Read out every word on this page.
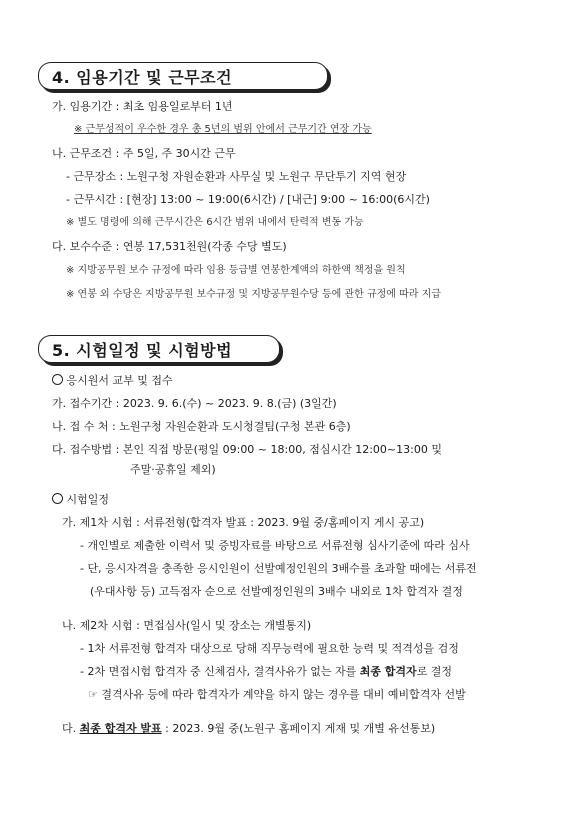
4. 임용기간 및 근무조건
가. 임용기간 : 최초 임용일로부터 1년
※ 근무성적이 우수한 경우 총 5년의 범위 안에서 근무기간 연장 가능
나. 근무조건 : 주 5일, 주 30시간 근무
- 근무장소 : 노원구청 자원순환과 사무실 및 노원구 무단투기 지역 현장
- 근무시간 : [현장] 13:00 ~ 19:00(6시간) / [내근] 9:00 ~ 16:00(6시간)
※ 별도 명령에 의해 근무시간은 6시간 범위 내에서 탄력적 변동 가능
다. 보수수준 : 연봉 17,531천원(각종 수당 별도)
※ 지방공무원 보수 규정에 따라 임용 등급별 연봉한계액의 하한액 책정을 원칙
※ 연봉 외 수당은 지방공무원 보수규정 및 지방공무원수당 등에 관한 규정에 따라 지급
5. 시험일정 및 시험방법
응시원서 교부 및 접수
가. 접수기간 : 2023. 9. 6.(수) ~ 2023. 9. 8.(금) (3일간)
나. 접 수 처 : 노원구청 자원순환과 도시청결팀(구청 본관 6층)
다. 접수방법 : 본인 직접 방문(평일 09:00 ~ 18:00, 점심시간 12:00~13:00 및
주말·공휴일 제외)
시험일정
가. 제1차 시험 : 서류전형(합격자 발표 : 2023. 9월 중/홈페이지 게시 공고)
- 개인별로 제출한 이력서 및 증빙자료를 바탕으로 서류전형 심사기준에 따라 심사
- 단, 응시자격을 충족한 응시인원이 선발예정인원의 3배수를 초과할 때에는 서류전
(우대사항 등) 고득점자 순으로 선발예정인원의 3배수 내외로 1차 합격자 결정
나. 제2차 시험 : 면접심사(일시 및 장소는 개별통지)
- 1차 서류전형 합격자 대상으로 당해 직무능력에 필요한 능력 및 적격성을 검정
- 2차 면접시험 합격자 중 신체검사, 결격사유가 없는 자를 최종 합격자로 결정
☞ 결격사유 등에 따라 합격자가 계약을 하지 않는 경우를 대비 예비합격자 선발
다. 최종 합격자 발표 : 2023. 9월 중(노원구 홈페이지 게재 및 개별 유선통보)
